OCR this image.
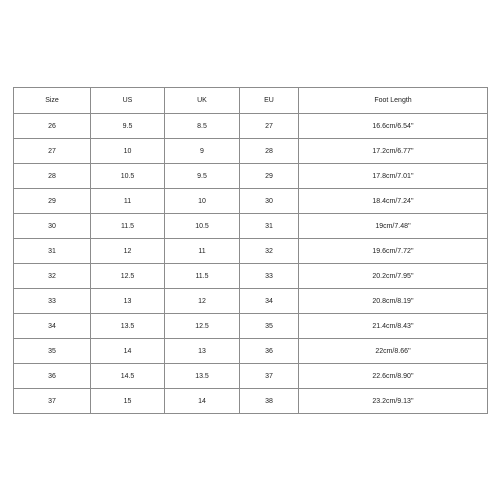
Size	US	UK	EU	Foot Length
26	9.5	8.5	27	16.6cm/6.54''
27	10	9	28	17.2cm/6.77''
28	10.5	9.5	29	17.8cm/7.01''
29	11	10	30	18.4cm/7.24''
30	11.5	10.5	31	19cm/7.48''
31	12	11	32	19.6cm/7.72''
32	12.5	11.5	33	20.2cm/7.95''
33	13	12	34	20.8cm/8.19''
34	13.5	12.5	35	21.4cm/8.43''
35	14	13	36	22cm/8.66''
36	14.5	13.5	37	22.6cm/8.90''
37	15	14	38	23.2cm/9.13''
